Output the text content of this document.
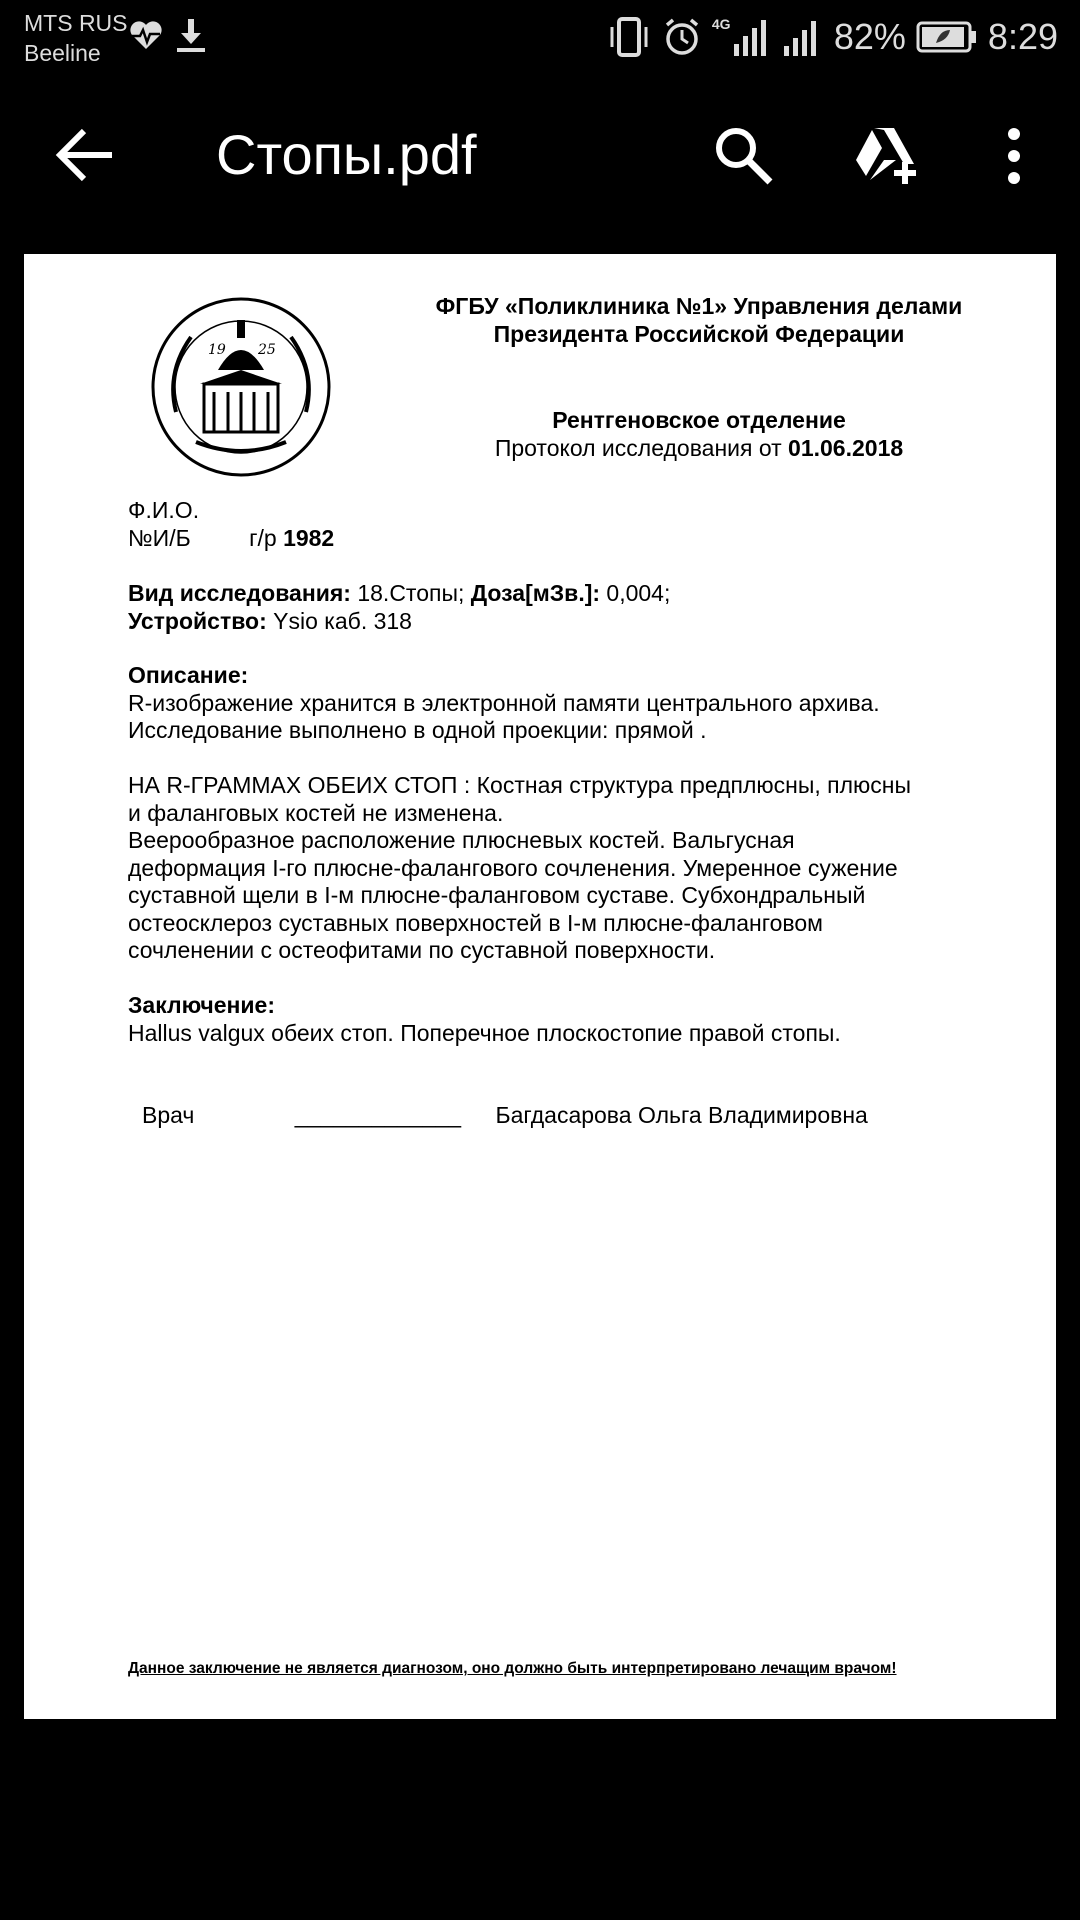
MTS RUS
Beeline
4G	82% 8:29
Стопы.pdf
19 25
ФГБУ «Поликлиника №1» Управления делами
Президента Российской Федерации
Рентгеновское отделение
Протокол исследования от 01.06.2018
Ф.И.О.
№И/Б	г/р 1982
Вид исследования: 18.Стопы; Доза[мЗв.]: 0,004;
Устройство: Ysio каб. 318
Описание:
R-изображение хранится в электронной памяти центрального архива.
Исследование выполнено в одной проекции: прямой .
НА R-ГРАММАХ ОБЕИХ СТОП : Костная структура предплюсны, плюсны
и фаланговых костей не изменена.
Веерообразное расположение плюсневых костей. Вальгусная
деформация I-го плюсне-фалангового сочленения. Умеренное сужение
суставной щели в I-м плюсне-фаланговом суставе. Субхондральный
остеосклероз суставных поверхностей в I-м плюсне-фаланговом
сочленении с остеофитами по суставной поверхности.
Заключение:
Hallus valgux обеих стоп. Поперечное плоскостопие правой стопы.
Врач	_____________ Багдасарова Ольга Владимировна
Данное заключение не является диагнозом, оно должно быть интерпретировано лечащим врачом!
